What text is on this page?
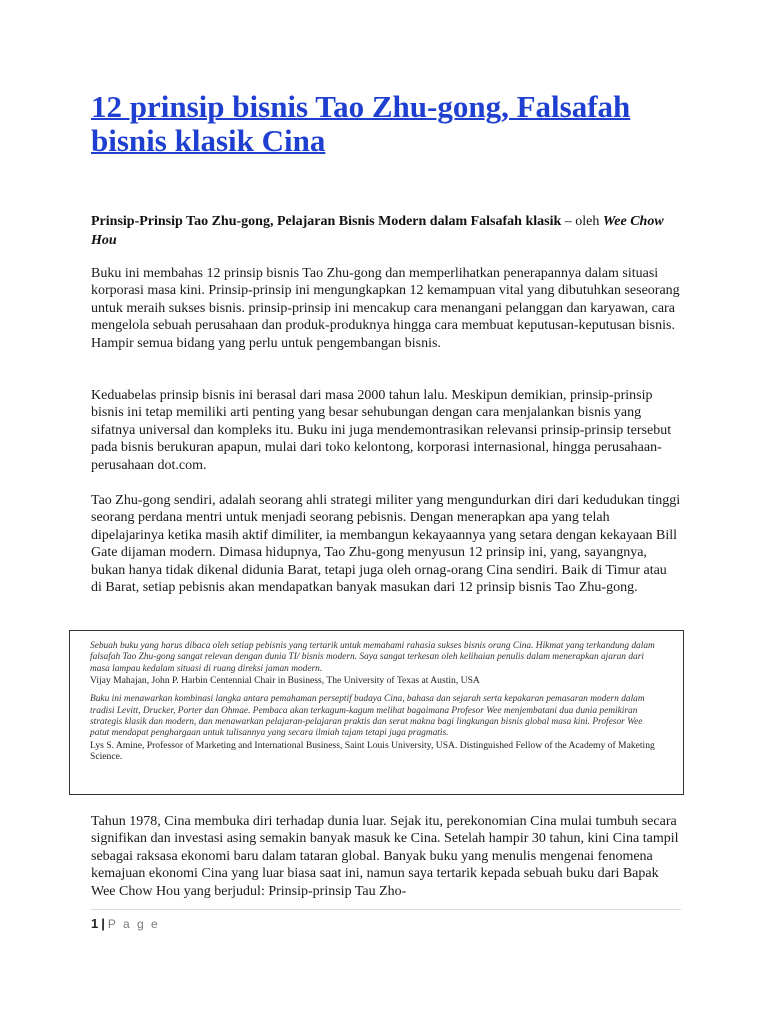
12 prinsip bisnis Tao Zhu-gong, Falsafah bisnis klasik Cina

Prinsip-Prinsip Tao Zhu-gong, Pelajaran Bisnis Modern dalam Falsafah klasik – oleh Wee Chow Hou

Buku ini membahas 12 prinsip bisnis Tao Zhu-gong dan memperlihatkan penerapannya dalam situasi korporasi masa kini. Prinsip-prinsip ini mengungkapkan 12 kemampuan vital yang dibutuhkan seseorang untuk meraih sukses bisnis. prinsip-prinsip ini mencakup cara menangani pelanggan dan karyawan, cara mengelola sebuah perusahaan dan produk-produknya hingga cara membuat keputusan-keputusan bisnis. Hampir semua bidang yang perlu untuk pengembangan bisnis.

Keduabelas prinsip bisnis ini berasal dari masa 2000 tahun lalu. Meskipun demikian, prinsip-prinsip bisnis ini tetap memiliki arti penting yang besar sehubungan dengan cara menjalankan bisnis yang sifatnya universal dan kompleks itu. Buku ini juga mendemontrasikan relevansi prinsip-prinsip tersebut pada bisnis berukuran apapun, mulai dari toko kelontong, korporasi internasional, hingga perusahaan-perusahaan dot.com.

Tao Zhu-gong sendiri, adalah seorang ahli strategi militer yang mengundurkan diri dari kedudukan tinggi seorang perdana mentri untuk menjadi seorang pebisnis. Dengan menerapkan apa yang telah dipelajarinya ketika masih aktif dimiliter, ia membangun kekayaannya yang setara dengan kekayaan Bill Gate dijaman modern. Dimasa hidupnya, Tao Zhu-gong menyusun 12 prinsip ini, yang, sayangnya, bukan hanya tidak dikenal didunia Barat, tetapi juga oleh ornag-orang Cina sendiri. Baik di Timur atau di Barat, setiap pebisnis akan mendapatkan banyak masukan dari 12 prinsip bisnis Tao Zhu-gong.

Sebuah buku yang harus dibaca oleh setiap pebisnis yang tertarik untuk memahami rahasia sukses bisnis orang Cina. Hikmat yang terkandung dalam falsafah Tao Zhu-gong sangat relevan dengan dunia TI/ bisnis modern. Saya sangat terkesan oleh kelihaian penulis dalam menerapkan ajaran dari masa lampau kedalam situasi di ruang direksi jaman modern.

Vijay Mahajan, John P. Harbin Centennial Chair in Business, The University of Texas at Austin, USA

Buku ini menawarkan kombinasi langka antara pemahaman perseptif budaya Cina, bahasa dan sejarah serta kepakaran pemasaran modern dalam tradisi Levitt, Drucker, Porter dan Ohmae. Pembaca akan terkagum-kagum melihat bagaimana Profesor Wee menjembatani dua dunia pemikiran strategis klasik dan modern, dan menawarkan pelajaran-pelajaran praktis dan serat makna bagi lingkungan bisnis global masa kini. Profesor Wee patut mendapat penghargaan untuk tulisannya yang secara ilmiah tajam tetapi juga pragmatis.

Lys S. Amine, Professor of Marketing and International Business, Saint Louis University, USA. Distinguished Fellow of the Academy of Maketing Science.

Tahun 1978, Cina membuka diri terhadap dunia luar. Sejak itu, perekonomian Cina mulai tumbuh secara signifikan dan investasi asing semakin banyak masuk ke Cina. Setelah hampir 30 tahun, kini Cina tampil sebagai raksasa ekonomi baru dalam tataran global. Banyak buku yang menulis mengenai fenomena kemajuan ekonomi Cina yang luar biasa saat ini, namun saya tertarik kepada sebuah buku dari Bapak Wee Chow Hou yang berjudul: Prinsip-prinsip Tau Zho-

1 | P a g e
